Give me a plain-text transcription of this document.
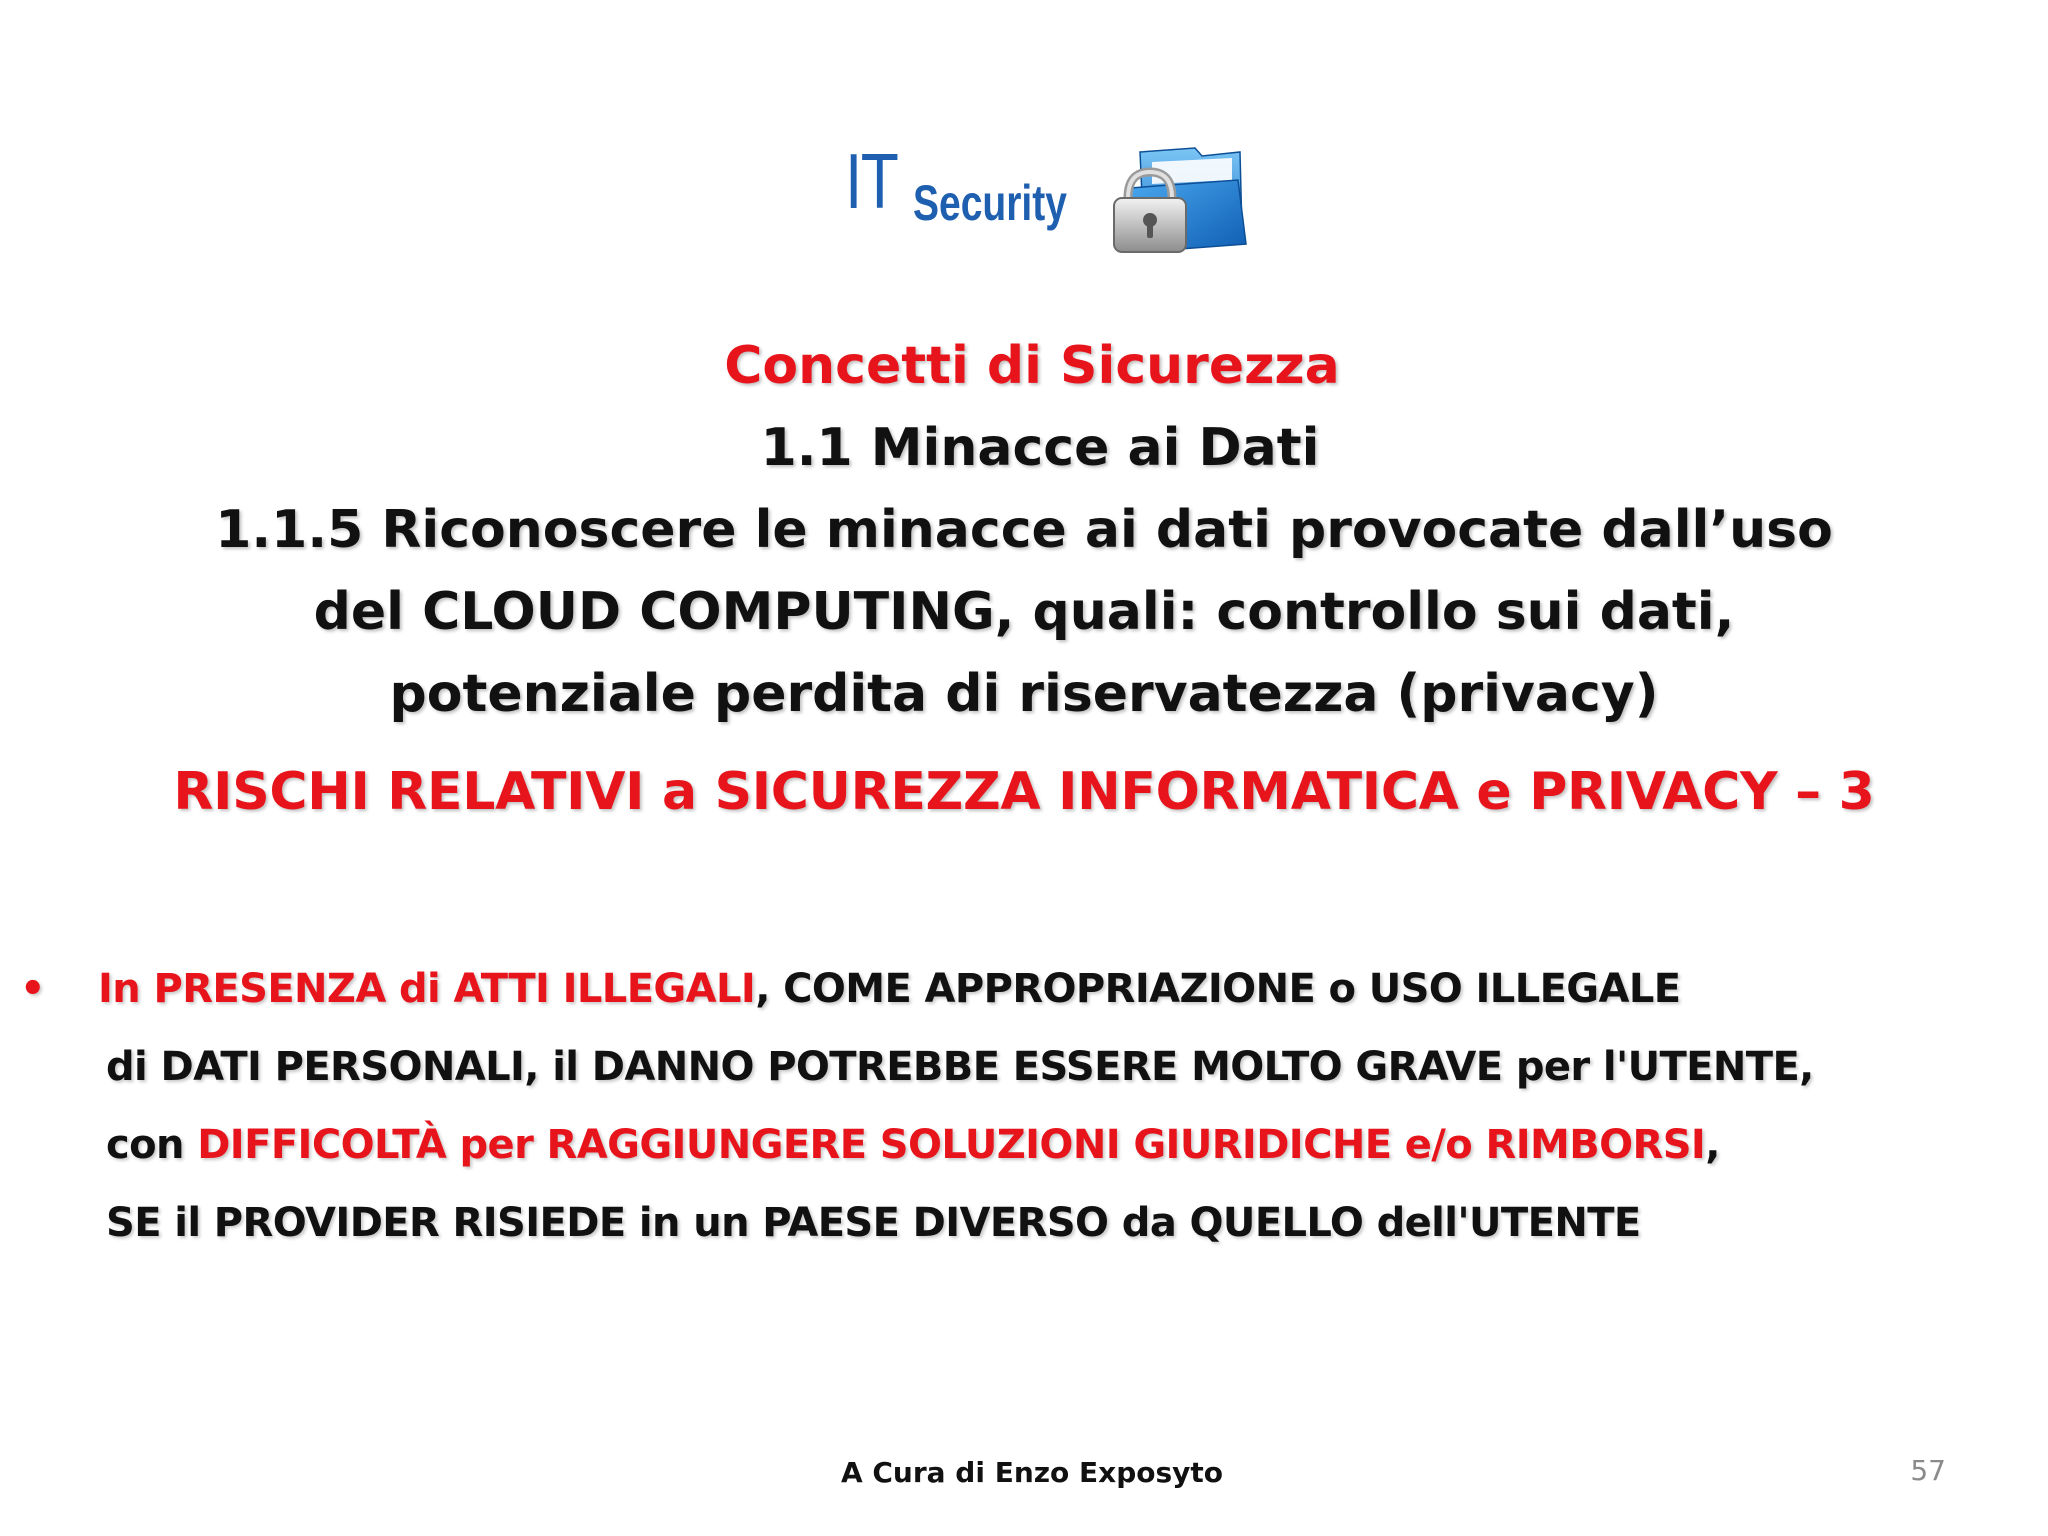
IT Security
Concetti di Sicurezza
1.1 Minacce ai Dati
1.1.5 Riconoscere le minacce ai dati provocate dall’uso
del CLOUD COMPUTING, quali: controllo sui dati,
potenziale perdita di riservatezza (privacy)
RISCHI RELATIVI a SICUREZZA INFORMATICA e PRIVACY – 3
• In PRESENZA di ATTI ILLEGALI, COME APPROPRIAZIONE o USO ILLEGALE
di DATI PERSONALI, il DANNO POTREBBE ESSERE MOLTO GRAVE per l'UTENTE,
con DIFFICOLTÀ per RAGGIUNGERE SOLUZIONI GIURIDICHE e/o RIMBORSI,
SE il PROVIDER RISIEDE in un PAESE DIVERSO da QUELLO dell'UTENTE
A Cura di Enzo Exposyto	57
